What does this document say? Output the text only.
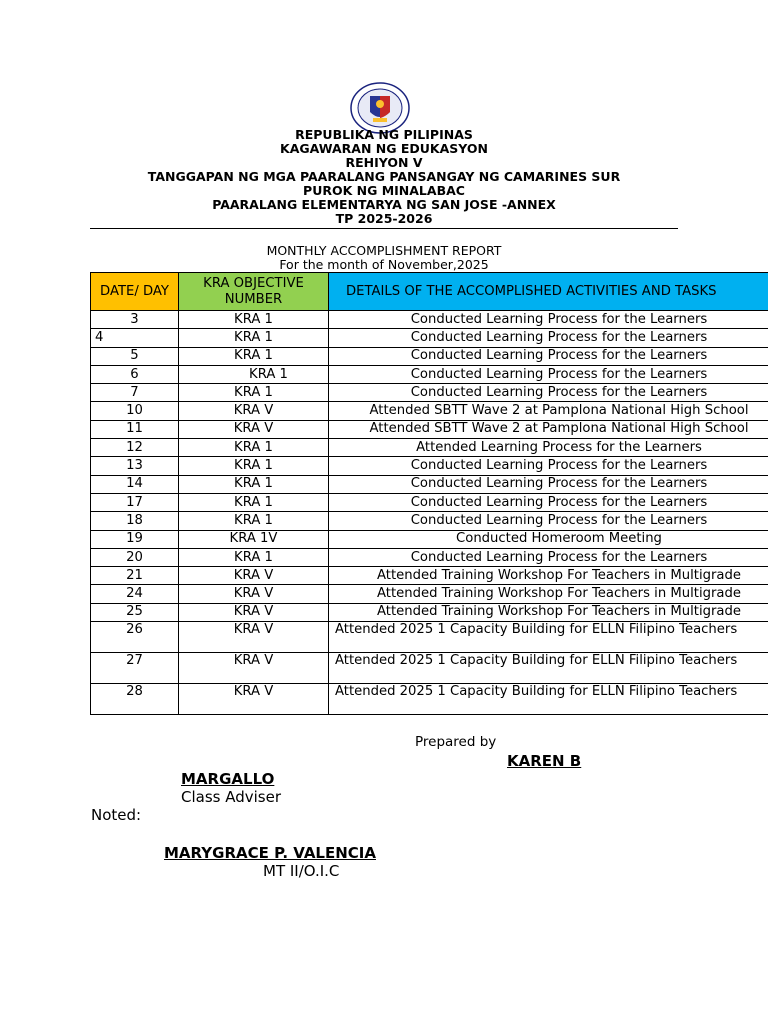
REPUBLIKA NG PILIPINAS
KAGAWARAN NG EDUKASYON
REHIYON V
TANGGAPAN NG MGA PAARALANG PANSANGAY NG CAMARINES SUR
PUROK NG MINALABAC
PAARALANG ELEMENTARYA NG SAN JOSE -ANNEX
TP 2025-2026
MONTHLY ACCOMPLISHMENT REPORT
For the month of November,2025
DATE/ DAY	KRA OBJECTIVE NUMBER	DETAILS OF THE ACCOMPLISHED ACTIVITIES AND TASKS
3	KRA 1	Conducted Learning Process for the Learners
4	KRA 1	Conducted Learning Process for the Learners
5	KRA 1	Conducted Learning Process for the Learners
6	KRA 1	Conducted Learning Process for the Learners
7	KRA 1	Conducted Learning Process for the Learners
10	KRA V	Attended SBTT Wave 2 at Pamplona National High School
11	KRA V	Attended SBTT Wave 2 at Pamplona National High School
12	KRA 1	Attended Learning Process for the Learners
13	KRA 1	Conducted Learning Process for the Learners
14	KRA 1	Conducted Learning Process for the Learners
17	KRA 1	Conducted Learning Process for the Learners
18	KRA 1	Conducted Learning Process for the Learners
19	KRA 1V	Conducted Homeroom Meeting
20	KRA 1	Conducted Learning Process for the Learners
21	KRA V	Attended Training Workshop For Teachers in Multigrade
24	KRA V	Attended Training Workshop For Teachers in Multigrade
25	KRA V	Attended Training Workshop For Teachers in Multigrade
26	KRA V	Attended 2025 1 Capacity Building for ELLN Filipino Teachers
27	KRA V	Attended 2025 1 Capacity Building for ELLN Filipino Teachers
28	KRA V	Attended 2025 1 Capacity Building for ELLN Filipino Teachers
Prepared by
KAREN B
MARGALLO
Class Adviser
Noted:
MARYGRACE P. VALENCIA
MT II/O.I.C
